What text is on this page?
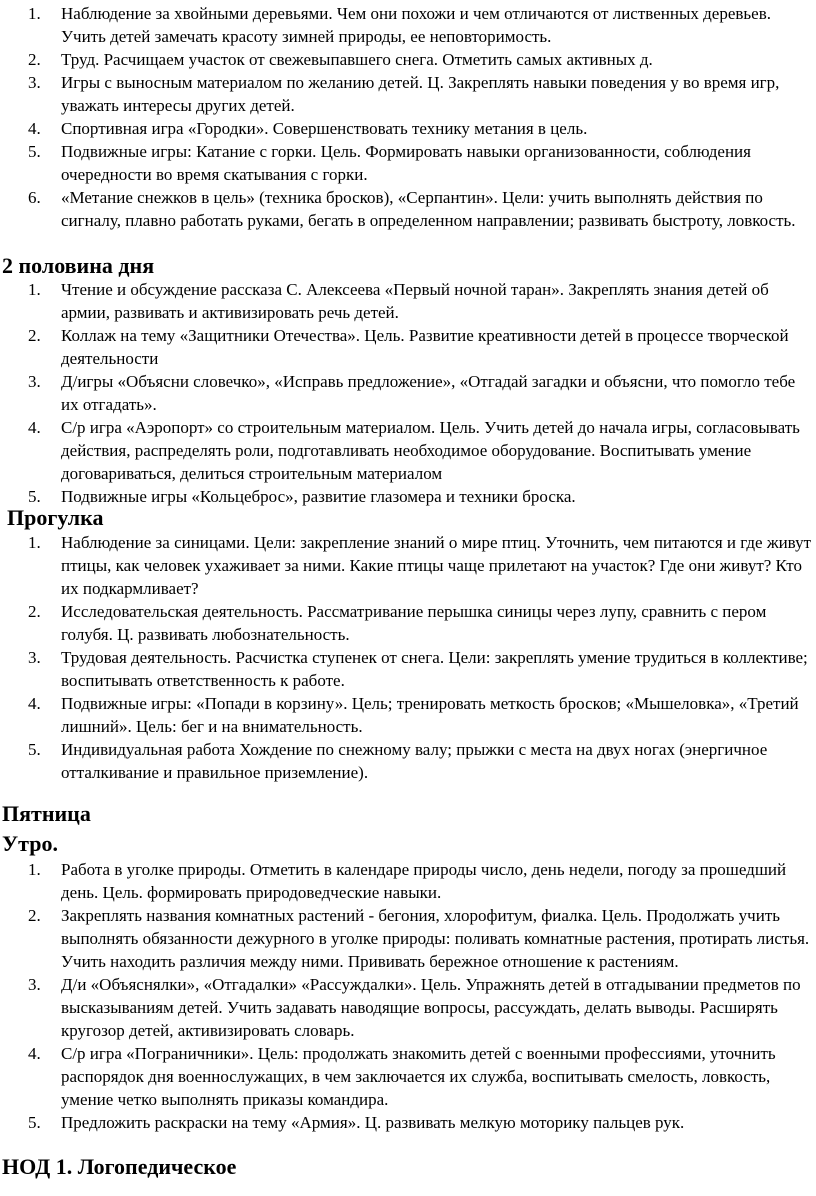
1. Наблюдение за хвойными деревьями. Чем они похожи и чем отличаются от лиственных деревьев. Учить детей замечать красоту зимней природы, ее неповторимость.
2. Труд. Расчищаем участок от свежевыпавшего снега. Отметить самых активных д.
3. Игры с выносным материалом по желанию детей. Ц. Закреплять навыки поведения у во время игр, уважать интересы других детей.
4. Спортивная игра «Городки». Совершенствовать технику метания в цель.
5. Подвижные игры: Катание с горки. Цель. Формировать навыки организованности, соблюдения очередности во время скатывания с горки.
6. «Метание снежков в цель» (техника бросков), «Серпантин». Цели: учить выполнять действия по сигналу, плавно работать руками, бегать в определенном направлении; развивать быстроту, ловкость.
2 половина дня
1. Чтение и обсуждение рассказа С. Алексеева «Первый ночной таран». Закреплять знания детей об армии, развивать и активизировать речь детей.
2. Коллаж на тему «Защитники Отечества». Цель. Развитие креативности детей в процессе творческой деятельности
3. Д/игры «Объясни словечко», «Исправь предложение», «Отгадай загадки и объясни, что помогло тебе их отгадать».
4. С/р игра «Аэропорт» со строительным материалом. Цель. Учить детей до начала игры, согласовывать действия, распределять роли, подготавливать необходимое оборудование. Воспитывать умение договариваться, делиться строительным материалом
5. Подвижные игры «Кольцеброс», развитие глазомера и техники броска.
Прогулка
1. Наблюдение за синицами. Цели: закрепление знаний о мире птиц. Уточнить, чем питаются и где живут птицы, как человек ухаживает за ними. Какие птицы чаще прилетают на участок? Где они живут? Кто их подкармливает?
2. Исследовательская деятельность. Рассматривание перышка синицы через лупу, сравнить с пером голубя. Ц. развивать любознательность.
3. Трудовая деятельность. Расчистка ступенек от снега. Цели: закреплять умение трудиться в коллективе; воспитывать ответственность к работе.
4. Подвижные игры: «Попади в корзину». Цель; тренировать меткость бросков; «Мышеловка», «Третий лишний». Цель: бег и на внимательность.
5. Индивидуальная работа Хождение по снежному валу; прыжки с места на двух ногах (энергичное отталкивание и правильное приземление).
Пятница
Утро.
1. Работа в уголке природы. Отметить в календаре природы число, день недели, погоду за прошедший день. Цель. формировать природоведческие навыки.
2. Закреплять названия комнатных растений - бегония, хлорофитум, фиалка. Цель. Продолжать учить выполнять обязанности дежурного в уголке природы: поливать комнатные растения, протирать листья. Учить находить различия между ними. Прививать бережное отношение к растениям.
3. Д/и «Объяснялки», «Отгадалки» «Рассуждалки». Цель. Упражнять детей в отгадывании предметов по высказываниям детей. Учить задавать наводящие вопросы, рассуждать, делать выводы. Расширять кругозор детей, активизировать словарь.
4. С/р игра «Пограничники». Цель: продолжать знакомить детей с военными профессиями, уточнить распорядок дня военнослужащих, в чем заключается их служба, воспитывать смелость, ловкость, умение четко выполнять приказы командира.
5. Предложить раскраски на тему «Армия». Ц. развивать мелкую моторику пальцев рук.
НОД 1. Логопедическое
